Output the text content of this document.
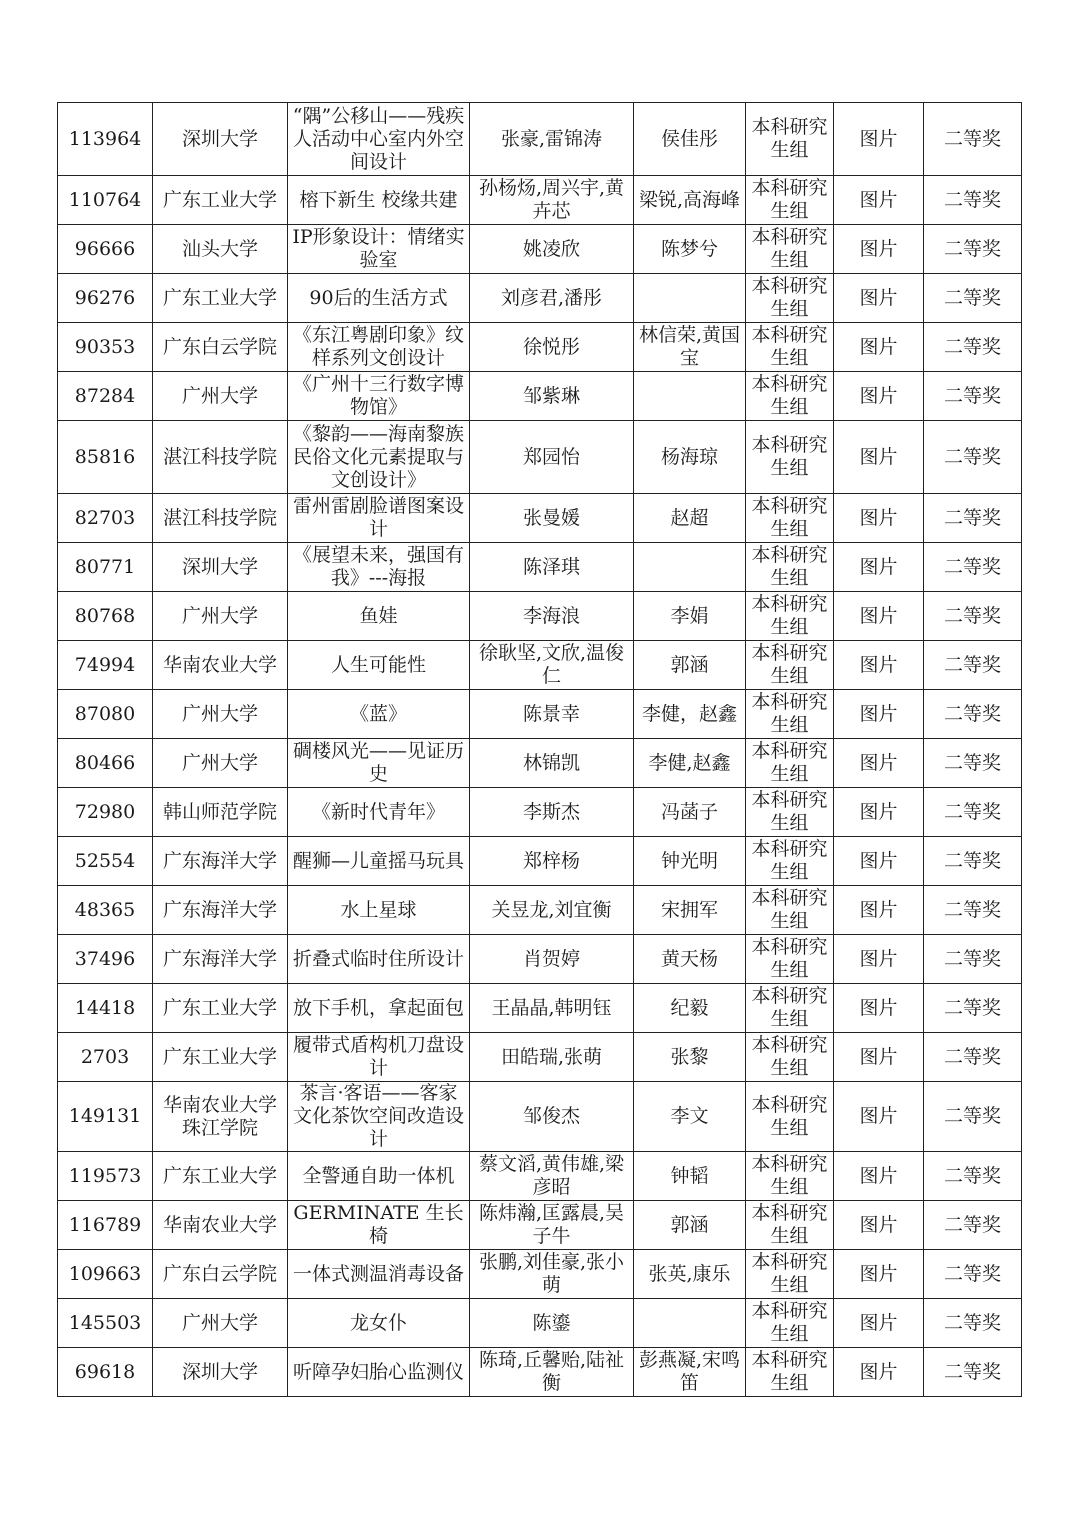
113964	深圳大学	“隅”公移山——残疾人活动中心室内外空间设计	张豪,雷锦涛	侯佳彤	本科研究生组	图片	二等奖
110764	广东工业大学	榕下新生 校缘共建	孙杨炀,周兴宇,黄卉芯	梁锐,高海峰	本科研究生组	图片	二等奖
96666	汕头大学	IP形象设计：情绪实验室	姚凌欣	陈梦兮	本科研究生组	图片	二等奖
96276	广东工业大学	90后的生活方式	刘彦君,潘彤		本科研究生组	图片	二等奖
90353	广东白云学院	《东江粤剧印象》纹样系列文创设计	徐悦彤	林信荣,黄国宝	本科研究生组	图片	二等奖
87284	广州大学	《广州十三行数字博物馆》	邹紫琳		本科研究生组	图片	二等奖
85816	湛江科技学院	《黎韵——海南黎族民俗文化元素提取与文创设计》	郑园怡	杨海琼	本科研究生组	图片	二等奖
82703	湛江科技学院	雷州雷剧脸谱图案设计	张曼媛	赵超	本科研究生组	图片	二等奖
80771	深圳大学	《展望未来，强国有我》---海报	陈泽琪		本科研究生组	图片	二等奖
80768	广州大学	鱼娃	李海浪	李娟	本科研究生组	图片	二等奖
74994	华南农业大学	人生可能性	徐耿坚,文欣,温俊仁	郭涵	本科研究生组	图片	二等奖
87080	广州大学	《蓝》	陈景幸	李健，赵鑫	本科研究生组	图片	二等奖
80466	广州大学	碉楼风光——见证历史	林锦凯	李健,赵鑫	本科研究生组	图片	二等奖
72980	韩山师范学院	《新时代青年》	李斯杰	冯菡子	本科研究生组	图片	二等奖
52554	广东海洋大学	醒狮—儿童摇马玩具	郑梓杨	钟光明	本科研究生组	图片	二等奖
48365	广东海洋大学	水上星球	关昱龙,刘宜衡	宋拥军	本科研究生组	图片	二等奖
37496	广东海洋大学	折叠式临时住所设计	肖贺婷	黄天杨	本科研究生组	图片	二等奖
14418	广东工业大学	放下手机，拿起面包	王晶晶,韩明钰	纪毅	本科研究生组	图片	二等奖
2703	广东工业大学	履带式盾构机刀盘设计	田皓瑞,张萌	张黎	本科研究生组	图片	二等奖
149131	华南农业大学珠江学院	茶言·客语——客家文化茶饮空间改造设计	邹俊杰	李文	本科研究生组	图片	二等奖
119573	广东工业大学	全警通自助一体机	蔡文滔,黄伟雄,梁彦昭	钟韬	本科研究生组	图片	二等奖
116789	华南农业大学	GERMINATE 生长椅	陈炜瀚,匡露晨,吴子牛	郭涵	本科研究生组	图片	二等奖
109663	广东白云学院	一体式测温消毒设备	张鹏,刘佳豪,张小萌	张英,康乐	本科研究生组	图片	二等奖
145503	广州大学	龙女仆	陈鎏		本科研究生组	图片	二等奖
69618	深圳大学	听障孕妇胎心监测仪	陈琦,丘馨贻,陆祉衡	彭燕凝,宋鸣笛	本科研究生组	图片	二等奖
